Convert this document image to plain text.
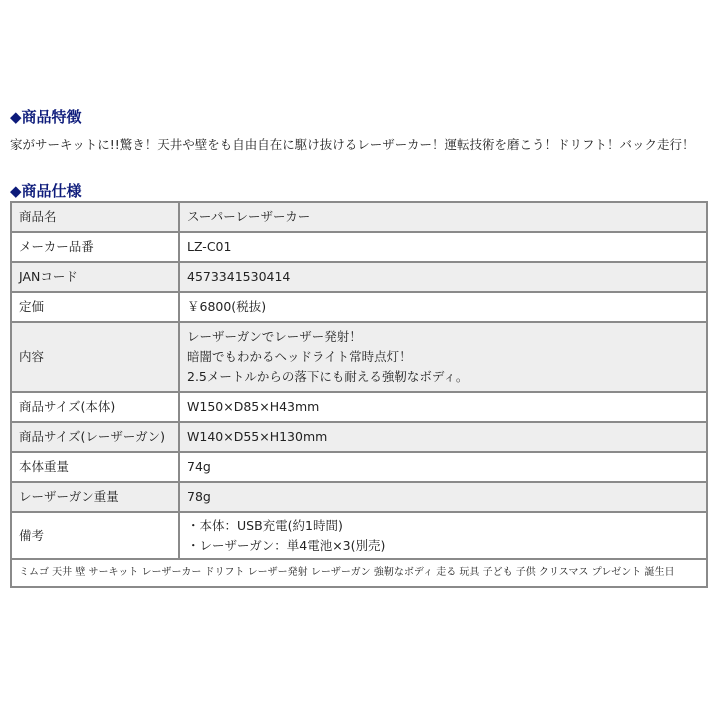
◆商品特徴

家がサーキットに!!驚き！天井や壁をも自由自在に駆け抜けるレーザーカー！運転技術を磨こう！ドリフト！バック走行！

◆商品仕様
商品名	スーパーレーザーカー

メーカー品番	LZ-C01

JANコード	4573341530414

定価	￥6800(税抜)

内容	レーザーガンでレーザー発射！
暗闇でもわかるヘッドライト常時点灯！
2.5メートルからの落下にも耐える強靭なボディ。

商品サイズ(本体)	W150×D85×H43mm

商品サイズ(レーザーガン)	W140×D55×H130mm

本体重量	74g

レーザーガン重量	78g

備考	・本体：USB充電(約1時間)
・レーザーガン：単4電池×3(別売)

ミムゴ 天井 壁 サーキット レーザーカー ドリフト レーザー発射 レーザーガン 強靭なボディ 走る 玩具 子ども 子供 クリスマス プレゼント 誕生日	
